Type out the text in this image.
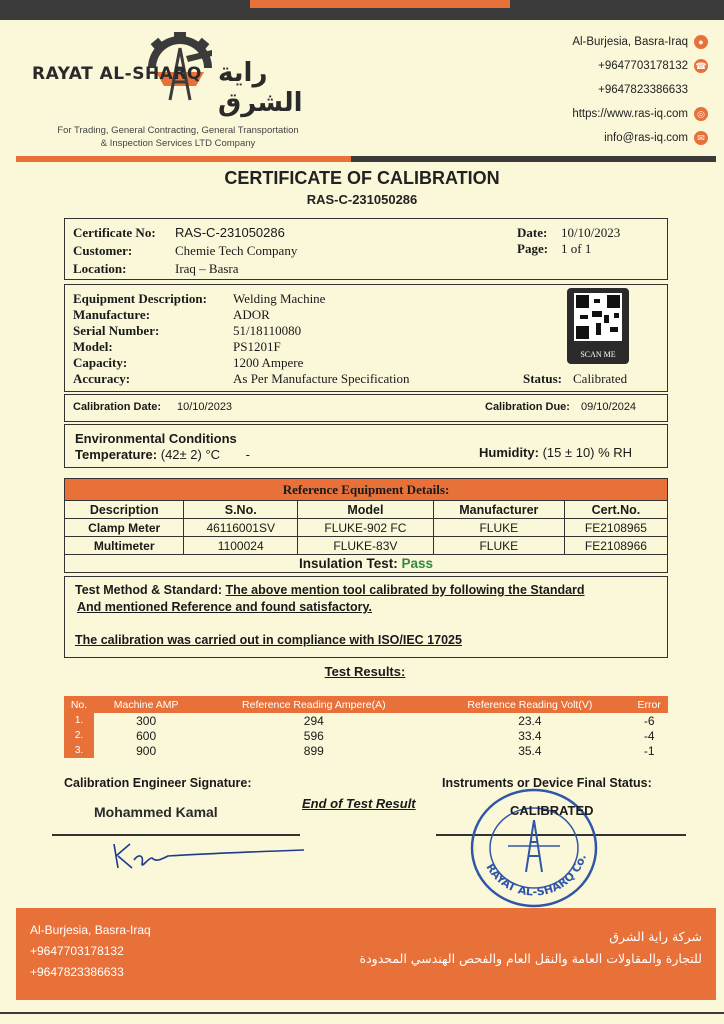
RAYAT AL-SHARQ راية الشرق
For Trading, General Contracting, General Transportation
& Inspection Services LTD Company
Al-Burjesia, Basra-Iraq	●
+9647703178132 ☎
+9647823386633
https://www.ras-iq.com	◎
info@ras-iq.com	✉
CERTIFICATE OF CALIBRATION
RAS-C-231050286
Certificate No: RAS-C-231050286
Customer:	Chemie Tech Company
Location:	Iraq – Basra
Date: 10/10/2023
Page: 1 of 1
Equipment Description: Welding Machine
Manufacture:	ADOR
Serial Number:	51/18110080
Model:	PS1201F
Capacity:	1200 Ampere
Accuracy:	As Per Manufacture Specification
SCAN ME
Status: Calibrated
Calibration Date: 10/10/2023	Calibration Due: 09/10/2024
Environmental Conditions
Temperature: (42± 2) °C -	Humidity: (15 ± 10) % RH
Reference Equipment Details:				
Description	S.No.	Model	Manufacturer	Cert.No.
Clamp Meter	46116001SV	FLUKE-902 FC	FLUKE	FE2108965
Multimeter	1100024	FLUKE-83V	FLUKE	FE2108966
Insulation Test: Pass				
Test Method & Standard: The above mention tool calibrated by following the Standard
And mentioned Reference and found satisfactory.
The calibration was carried out in compliance with ISO/IEC 17025
Test Results:
No.	Machine AMP	Reference Reading Ampere(A)	Reference Reading Volt(V)	Error
1.	300	294	23.4	-6
2.	600	596	33.4	-4
3.	900	899	35.4	-1
Calibration Engineer Signature:
Mohammed Kamal
End of Test Result
Instruments or Device Final Status:
RAYAT AL-SHARQ Co.
CALIBRATED
Al-Burjesia, Basra-Iraq
+9647703178132
+9647823386633
شركة راية الشرق
للتجارة والمقاولات العامة والنقل العام والفحص الهندسي المحدودة
